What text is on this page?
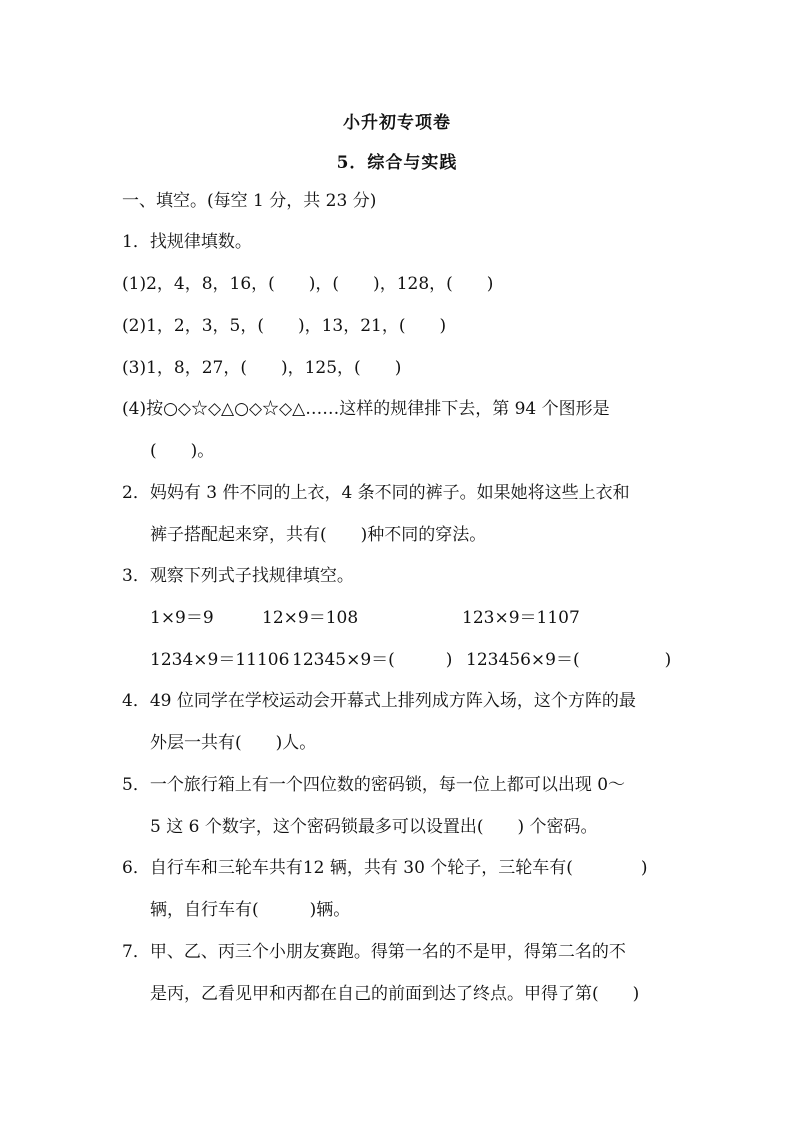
小升初专项卷
5．综合与实践
一、填空。(每空 1 分，共 23 分)
1．找规律填数。
(1)2，4，8，16，(　　)，(　　)，128，(　　)
(2)1，2，3，5，(　　)，13，21，(　　)
(3)1，8，27，(　　)，125，(　　)
(4)按○◇☆◇△○◇☆◇△……这样的规律排下去，第 94 个图形是
(　　)。
2．妈妈有 3 件不同的上衣，4 条不同的裤子。如果她将这些上衣和
裤子搭配起来穿，共有(　　)种不同的穿法。
3．观察下列式子找规律填空。
1×9＝9	12×9＝108	123×9＝1107
1234×9＝11106 12345×9＝(　　　) 123456×9＝(　　　　　)
4．49 位同学在学校运动会开幕式上排列成方阵入场，这个方阵的最
外层一共有(　　)人。
5．一个旅行箱上有一个四位数的密码锁，每一位上都可以出现 0～
5 这 6 个数字，这个密码锁最多可以设置出(　　) 个密码。
6．自行车和三轮车共有12 辆，共有 30 个轮子，三轮车有(　　　　)
辆，自行车有(　　　)辆。
7．甲、乙、丙三个小朋友赛跑。得第一名的不是甲，得第二名的不
是丙，乙看见甲和丙都在自己的前面到达了终点。甲得了第(　　)
